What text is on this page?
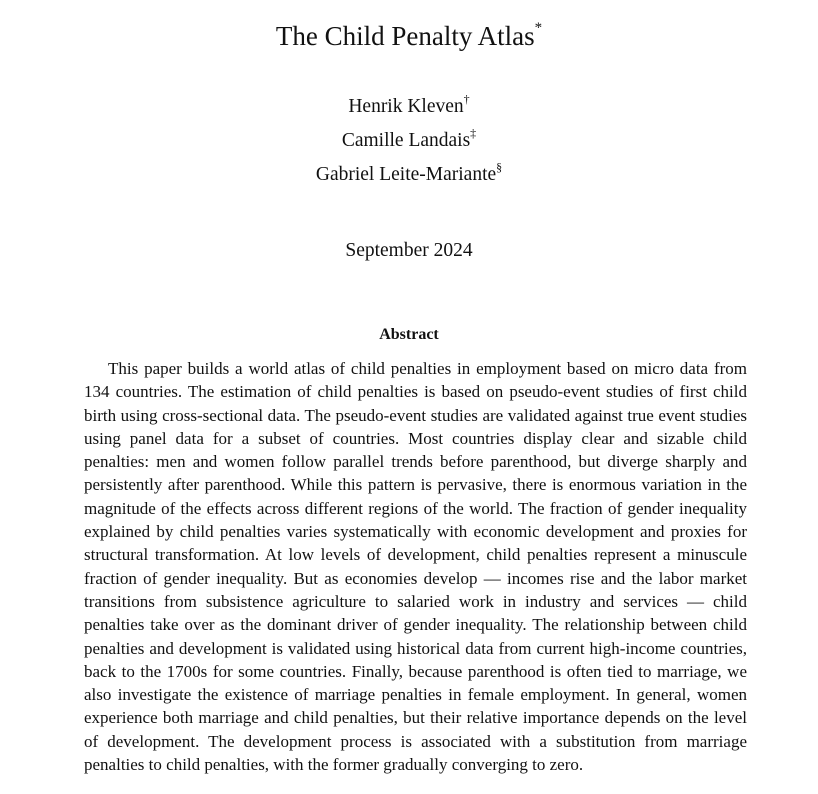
The Child Penalty Atlas*
Henrik Kleven†
Camille Landais‡
Gabriel Leite-Mariante§
September 2024
Abstract

This paper builds a world atlas of child penalties in employment based on micro data from 134 countries. The estimation of child penalties is based on pseudo-event studies of first child birth using cross-sectional data. The pseudo-event studies are validated against true event studies using panel data for a subset of countries. Most countries display clear and sizable child penalties: men and women follow parallel trends before parenthood, but diverge sharply and persistently after parenthood. While this pattern is pervasive, there is enormous variation in the magnitude of the effects across different regions of the world. The fraction of gender inequality explained by child penalties varies systematically with economic development and proxies for structural transformation. At low levels of development, child penalties represent a minuscule fraction of gender inequality. But as economies develop — incomes rise and the labor market transitions from subsistence agriculture to salaried work in industry and services — child penalties take over as the dominant driver of gender inequality. The relationship between child penalties and development is validated using historical data from current high-income countries, back to the 1700s for some countries. Finally, because parenthood is often tied to marriage, we also investigate the existence of marriage penalties in female employment. In general, women experience both marriage and child penalties, but their relative importance depends on the level of development. The development process is associated with a substitution from marriage penalties to child penalties, with the former gradually converging to zero.
